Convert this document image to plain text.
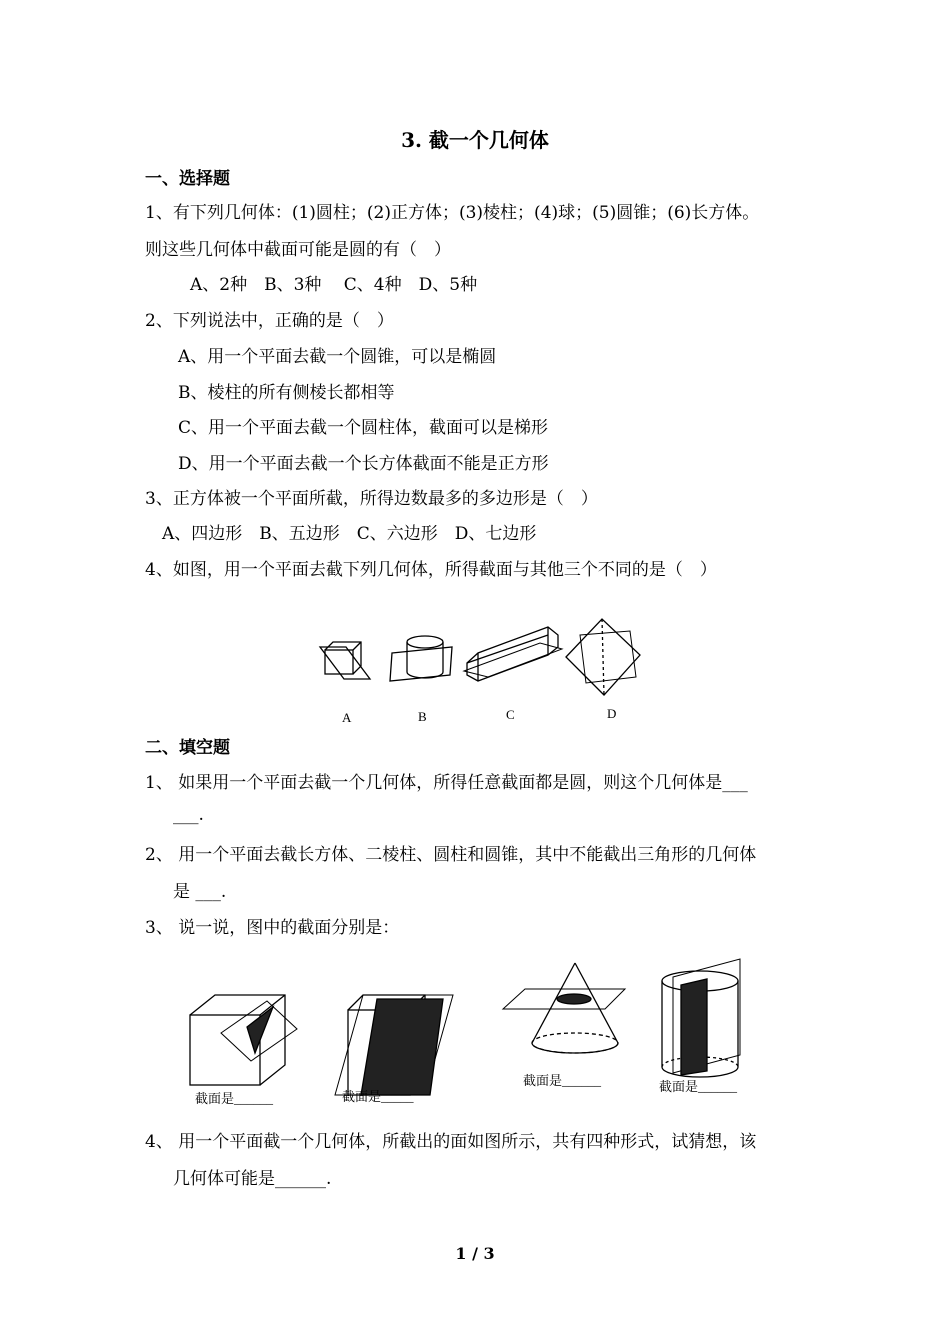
3. 截一个几何体
一、选择题
1、有下列几何体：(1)圆柱；(2)正方体；(3)棱柱；(4)球；(5)圆锥；(6)长方体。
则这些几何体中截面可能是圆的有（　）
A、2种　B、3种　 C、4种　D、5种
2、下列说法中，正确的是（　）
A、用一个平面去截一个圆锥，可以是椭圆
B、棱柱的所有侧棱长都相等
C、用一个平面去截一个圆柱体，截面可以是梯形
D、用一个平面去截一个长方体截面不能是正方形
3、正方体被一个平面所截，所得边数最多的多边形是（　）
A、四边形　B、五边形　C、六边形　D、七边形
4、如图，用一个平面去截下列几何体，所得截面与其他三个不同的是（　）
A	B	C	D
二、填空题
1、 如果用一个平面去截一个几何体，所得任意截面都是圆，则这个几何体是___
___.
2、 用一个平面去截长方体、二棱柱、圆柱和圆锥，其中不能截出三角形的几何体
是 ___.
3、 说一说，图中的截面分别是：
截面是______	截面是_____
截面是______	截面是______
4、 用一个平面截一个几何体，所截出的面如图所示，共有四种形式，试猜想，该
几何体可能是______.
1 / 3
